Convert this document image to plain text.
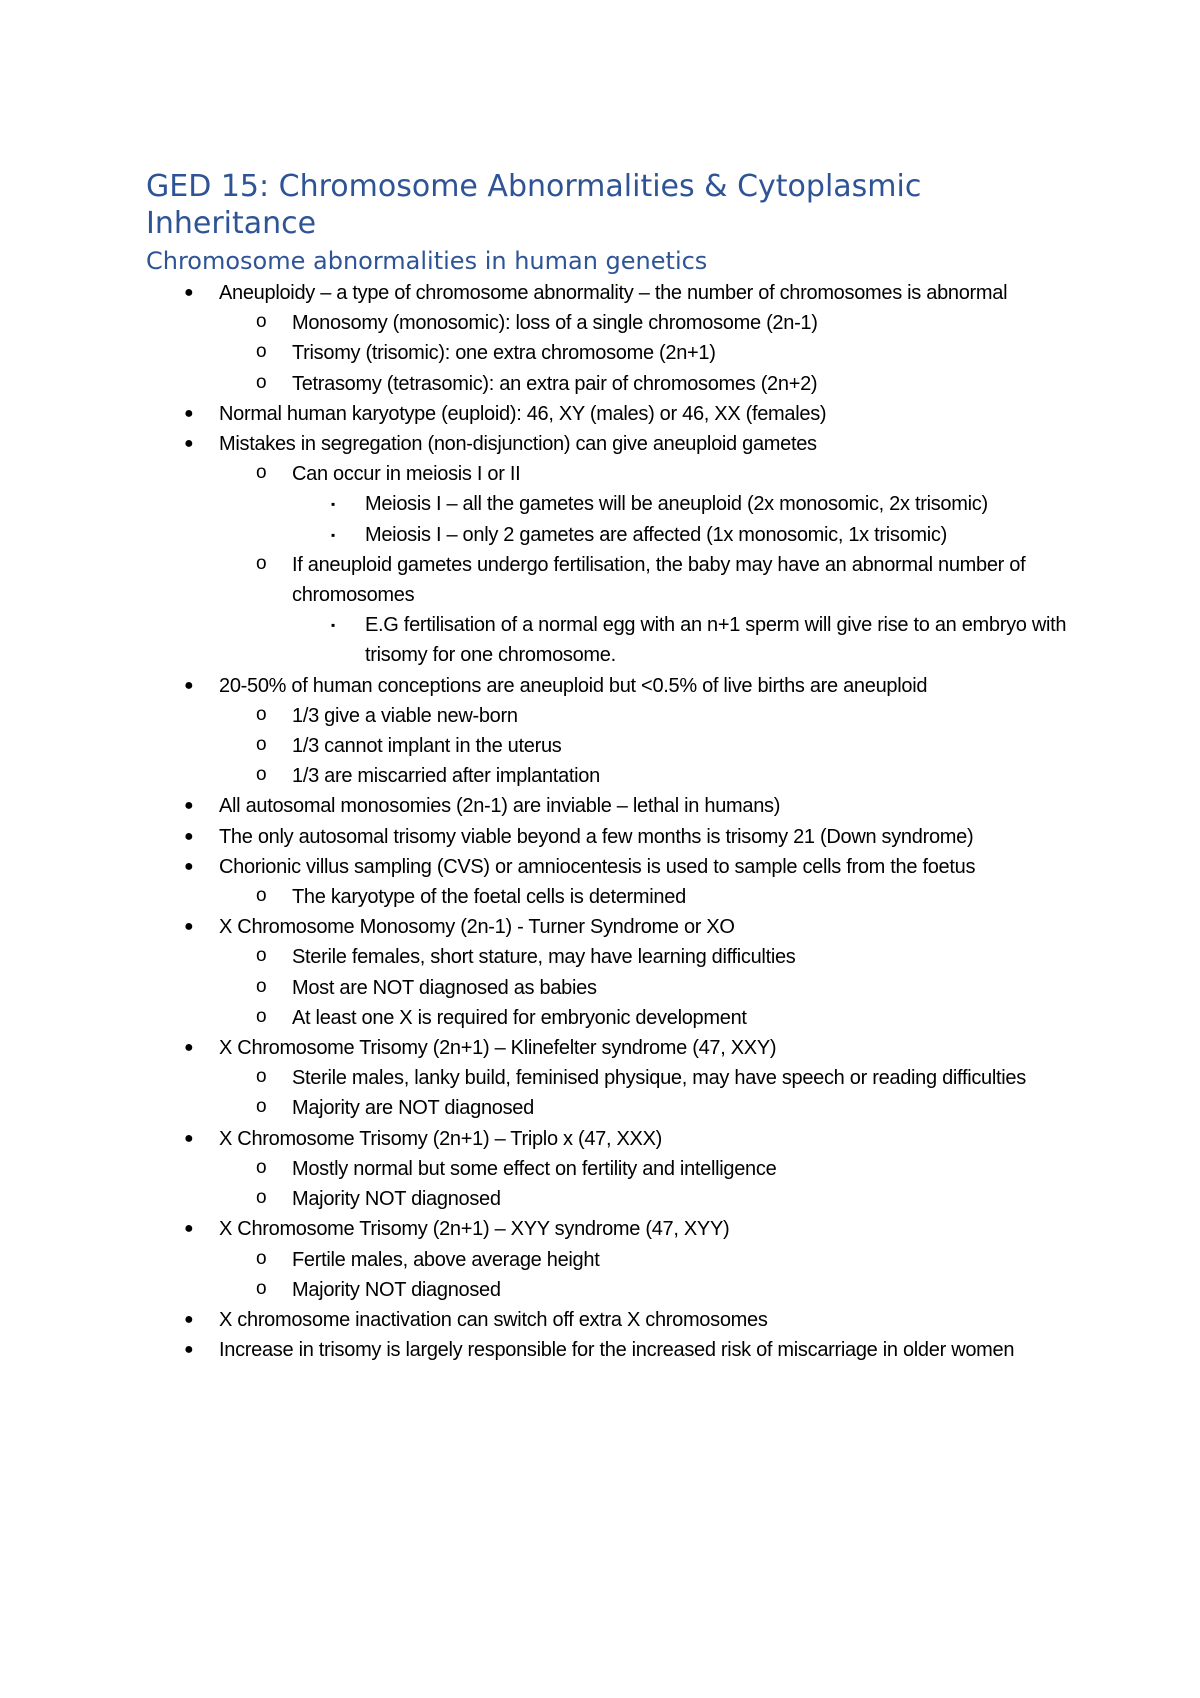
GED 15: Chromosome Abnormalities & Cytoplasmic Inheritance
Chromosome abnormalities in human genetics
●	Aneuploidy – a type of chromosome abnormality – the number of chromosomes is abnormal
o	Monosomy (monosomic): loss of a single chromosome (2n-1)
o	Trisomy (trisomic): one extra chromosome (2n+1)
o	Tetrasomy (tetrasomic): an extra pair of chromosomes (2n+2)
●	Normal human karyotype (euploid): 46, XY (males) or 46, XX (females)
●	Mistakes in segregation (non-disjunction) can give aneuploid gametes
o	Can occur in meiosis I or II
▪	Meiosis I – all the gametes will be aneuploid (2x monosomic, 2x trisomic)
▪	Meiosis I – only 2 gametes are affected (1x monosomic, 1x trisomic)
o	If aneuploid gametes undergo fertilisation, the baby may have an abnormal number of chromosomes
▪	E.G fertilisation of a normal egg with an n+1 sperm will give rise to an embryo with trisomy for one chromosome.
●	20-50% of human conceptions are aneuploid but <0.5% of live births are aneuploid
o	1/3 give a viable new-born
o	1/3 cannot implant in the uterus
o	1/3 are miscarried after implantation
●	All autosomal monosomies (2n-1) are inviable – lethal in humans)
●	The only autosomal trisomy viable beyond a few months is trisomy 21 (Down syndrome)
●	Chorionic villus sampling (CVS) or amniocentesis is used to sample cells from the foetus
o	The karyotype of the foetal cells is determined
●	X Chromosome Monosomy (2n-1) - Turner Syndrome or XO
o	Sterile females, short stature, may have learning difficulties
o	Most are NOT diagnosed as babies
o	At least one X is required for embryonic development
●	X Chromosome Trisomy (2n+1) – Klinefelter syndrome (47, XXY)
o	Sterile males, lanky build, feminised physique, may have speech or reading difficulties
o	Majority are NOT diagnosed
●	X Chromosome Trisomy (2n+1) – Triplo x (47, XXX)
o	Mostly normal but some effect on fertility and intelligence
o	Majority NOT diagnosed
●	X Chromosome Trisomy (2n+1) – XYY syndrome (47, XYY)
o	Fertile males, above average height
o	Majority NOT diagnosed
●	X chromosome inactivation can switch off extra X chromosomes
●	Increase in trisomy is largely responsible for the increased risk of miscarriage in older women
